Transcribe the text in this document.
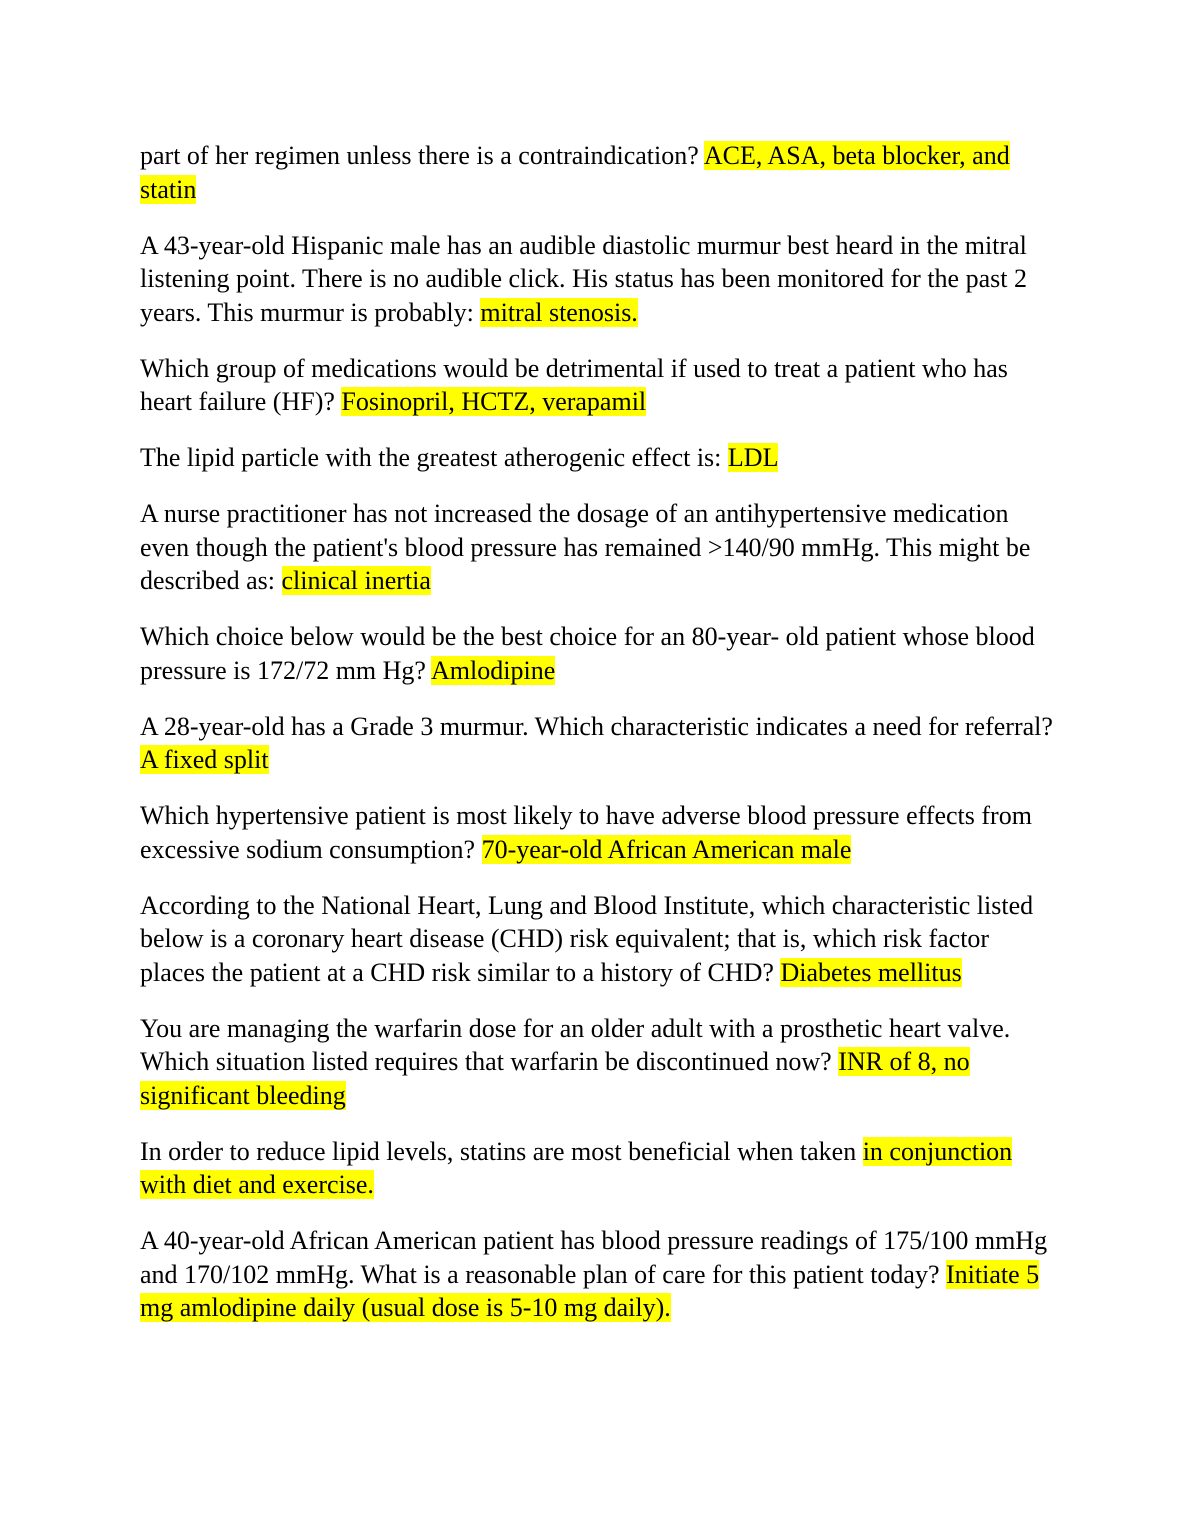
part of her regimen unless there is a contraindication? ACE, ASA, beta blocker, and statin

A 43-year-old Hispanic male has an audible diastolic murmur best heard in the mitral listening point. There is no audible click. His status has been monitored for the past 2 years. This murmur is probably: mitral stenosis.

Which group of medications would be detrimental if used to treat a patient who has heart failure (HF)? Fosinopril, HCTZ, verapamil

The lipid particle with the greatest atherogenic effect is: LDL

A nurse practitioner has not increased the dosage of an antihypertensive medication even though the patient's blood pressure has remained >140/90 mmHg. This might be described as: clinical inertia

Which choice below would be the best choice for an 80-year- old patient whose blood pressure is 172/72 mm Hg? Amlodipine

A 28-year-old has a Grade 3 murmur. Which characteristic indicates a need for referral? A fixed split

Which hypertensive patient is most likely to have adverse blood pressure effects from excessive sodium consumption? 70-year-old African American male

According to the National Heart, Lung and Blood Institute, which characteristic listed below is a coronary heart disease (CHD) risk equivalent; that is, which risk factor places the patient at a CHD risk similar to a history of CHD? Diabetes mellitus

You are managing the warfarin dose for an older adult with a prosthetic heart valve. Which situation listed requires that warfarin be discontinued now? INR of 8, no significant bleeding

In order to reduce lipid levels, statins are most beneficial when taken in conjunction with diet and exercise.

A 40-year-old African American patient has blood pressure readings of 175/100 mmHg and 170/102 mmHg. What is a reasonable plan of care for this patient today? Initiate 5 mg amlodipine daily (usual dose is 5-10 mg daily).
